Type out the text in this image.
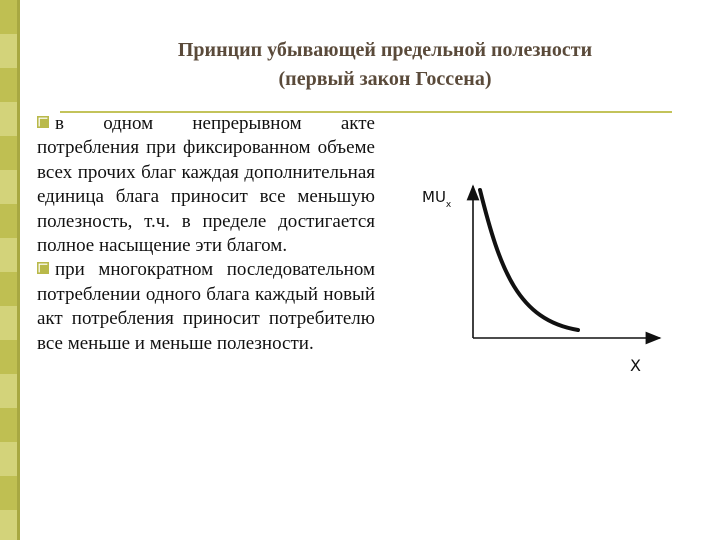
Принцип убывающей предельной полезности
(первый закон Госсена)

в одном непрерывном акте потребления при фиксированном объеме всех прочих благ каждая дополнительная единица блага приносит все меньшую полезность, т.ч. в пределе достигается полное насыщение эти благом.

при многократном последовательном потреблении одного блага каждый новый акт потребления приносит потребителю все меньше и меньше полезности.

$MU_x$
X
